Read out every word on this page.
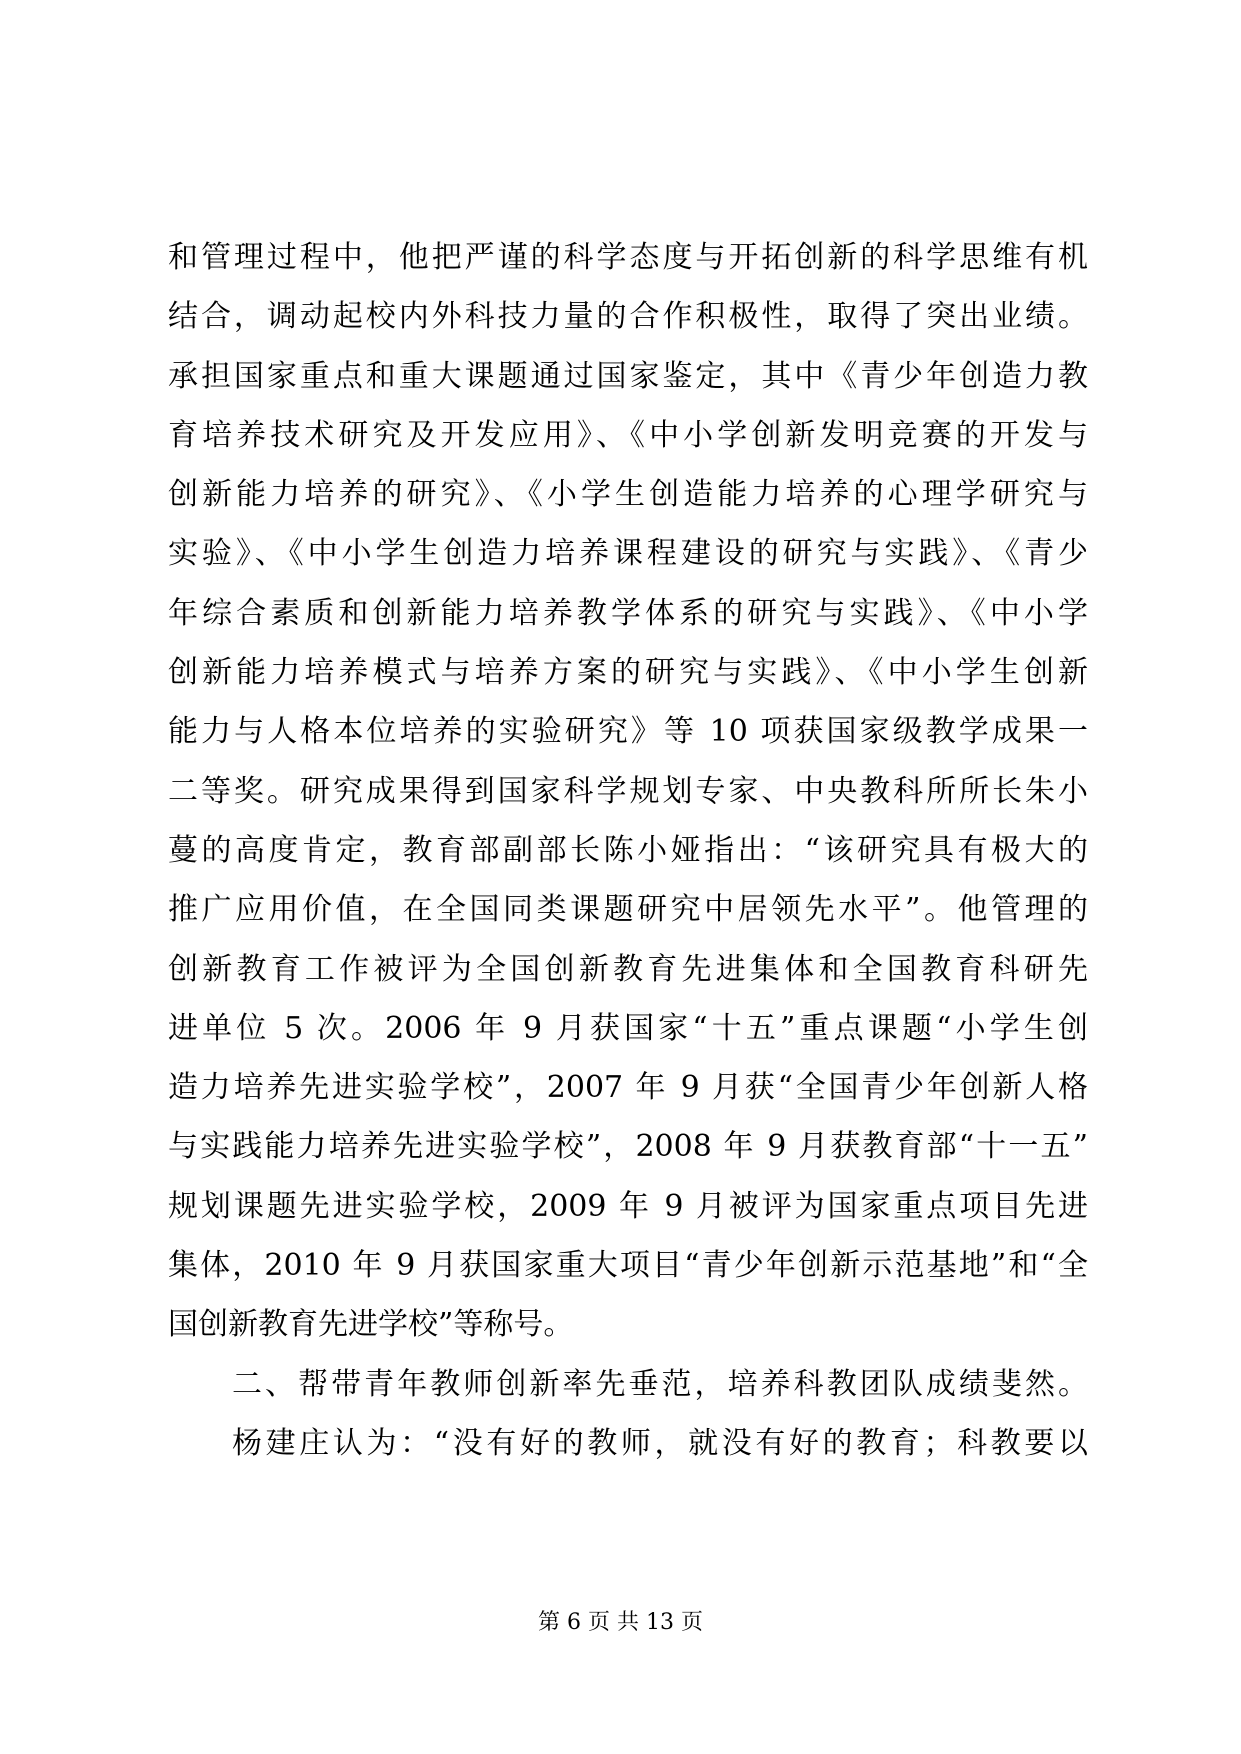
和管理过程中，他把严谨的科学态度与开拓创新的科学思维有机
结合，调动起校内外科技力量的合作积极性，取得了突出业绩。
承担国家重点和重大课题通过国家鉴定，其中《青少年创造力教
育培养技术研究及开发应用》、《中小学创新发明竞赛的开发与
创新能力培养的研究》、《小学生创造能力培养的心理学研究与
实验》、《中小学生创造力培养课程建设的研究与实践》、《青少
年综合素质和创新能力培养教学体系的研究与实践》、《中小学
创新能力培养模式与培养方案的研究与实践》、《中小学生创新
能力与人格本位培养的实验研究》等 10 项获国家级教学成果一
二等奖。研究成果得到国家科学规划专家、中央教科所所长朱小
蔓的高度肯定，教育部副部长陈小娅指出：“该研究具有极大的
推广应用价值，在全国同类课题研究中居领先水平”。他管理的
创新教育工作被评为全国创新教育先进集体和全国教育科研先
进单位 5 次。2006 年 9 月获国家“十五”重点课题“小学生创
造力培养先进实验学校”，2007 年 9 月获“全国青少年创新人格
与实践能力培养先进实验学校”，2008 年 9 月获教育部“十一五”
规划课题先进实验学校，2009 年 9 月被评为国家重点项目先进
集体，2010 年 9 月获国家重大项目“青少年创新示范基地”和“全
国创新教育先进学校”等称号。
二、帮带青年教师创新率先垂范，培养科教团队成绩斐然。
杨建庄认为：“没有好的教师，就没有好的教育；科教要以
第 6 页 共 13 页
